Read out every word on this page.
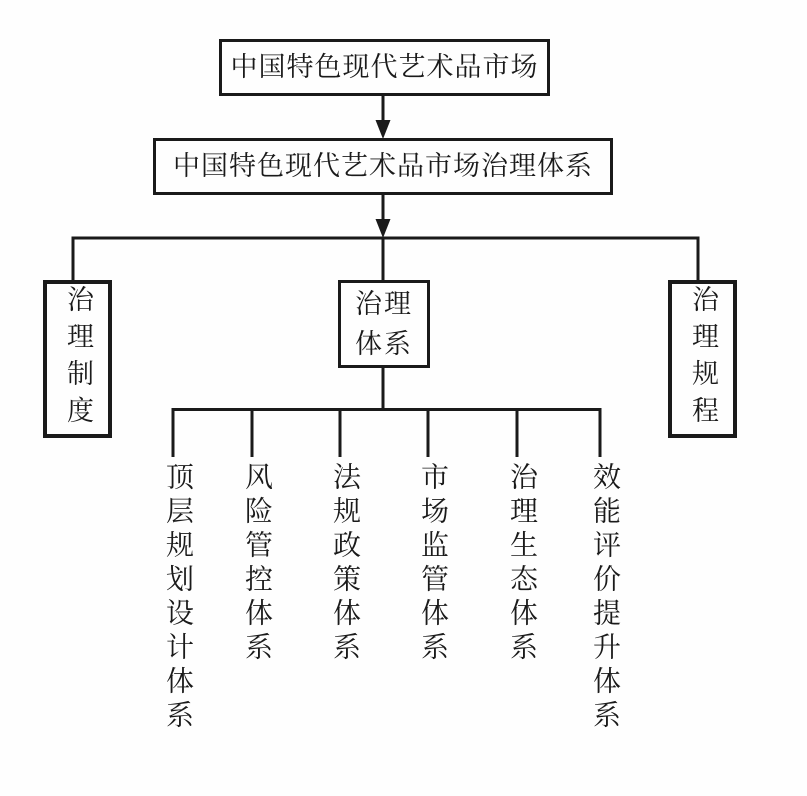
中国特色现代艺术品市场
中国特色现代艺术品市场治理体系
治理制度	治理体系	治理规程
顶层规划设计体系	风险管控体系	法规政策体系	市场监管体系	治理生态体系	效能评价提升体系
